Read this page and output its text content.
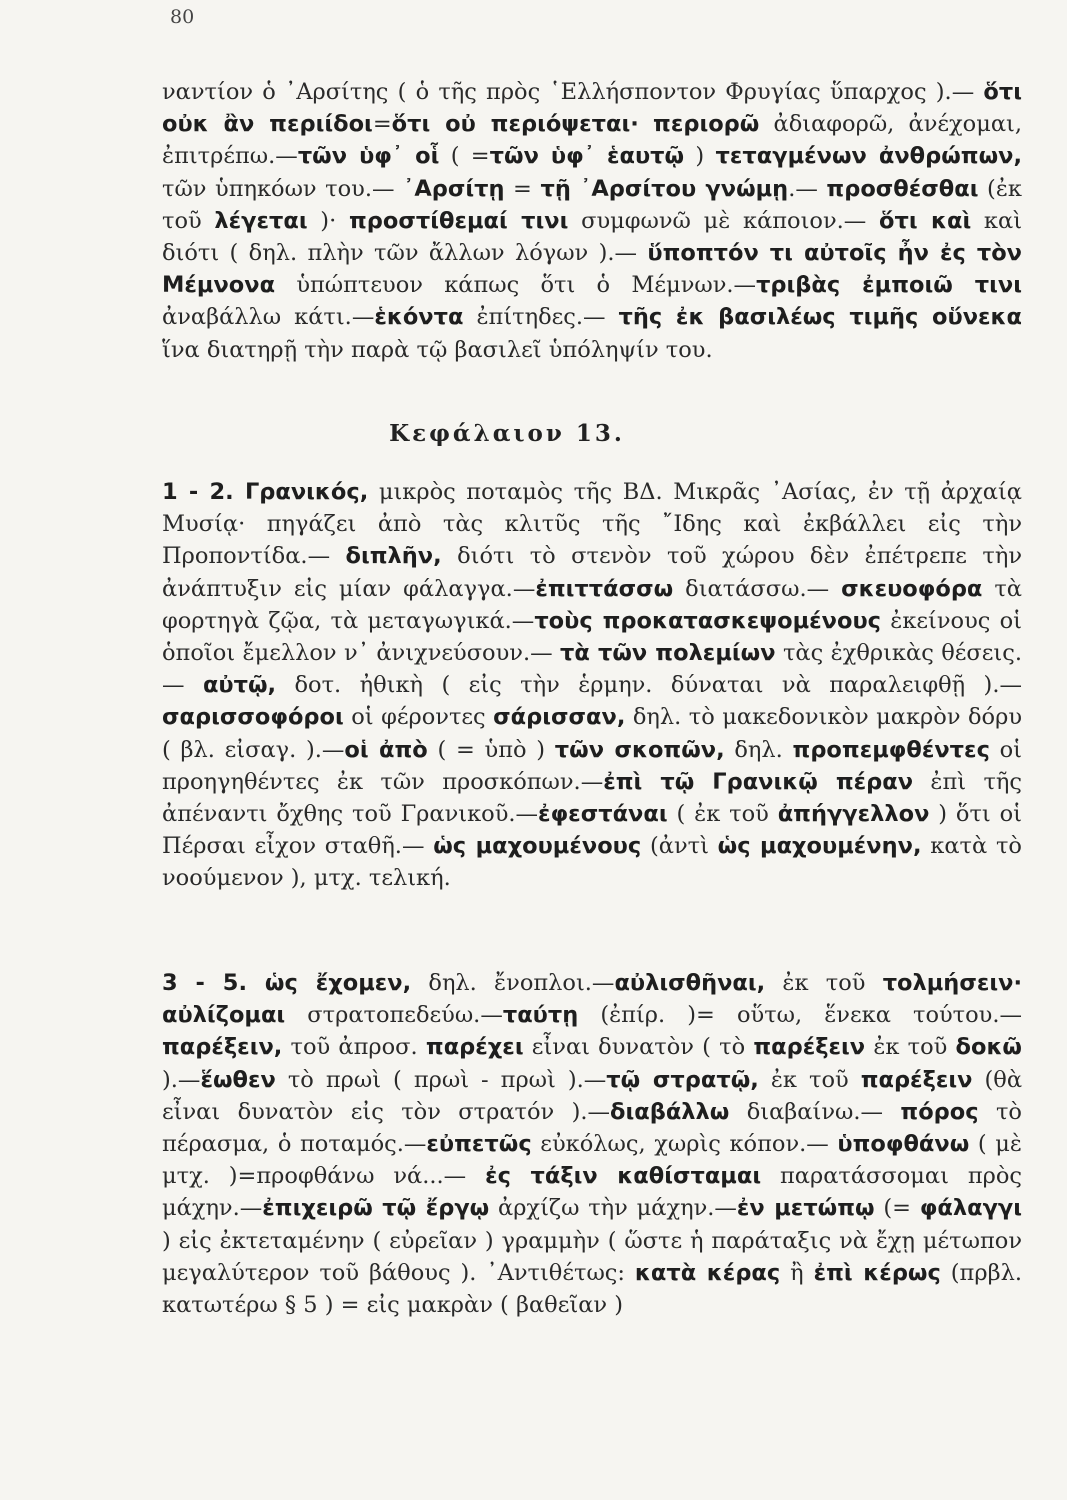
80
ναντίον ὁ ᾿Αρσίτης ( ὁ τῆς πρὸς ῾Ελλήσποντον Φρυγίας ὕπαρχος ).— ὅτι οὐκ ἂν περιίδοι=ὅτι οὐ περιόψεται· περιορῶ ἀδιαφορῶ, ἀνέχομαι, ἐπιτρέπω.—τῶν ὑφ᾿ οἷ ( =τῶν ὑφ᾿ ἑαυτῷ ) τεταγμένων ἀνθρώπων, τῶν ὑπηκόων του.— ᾿Αρσίτῃ = τῇ ᾿Αρσίτου γνώμῃ.— προσθέσθαι (ἐκ τοῦ λέγεται )· προστίθεμαί τινι συμφωνῶ μὲ κάποιον.— ὅτι καὶ καὶ διότι ( δηλ. πλὴν τῶν ἄλλων λόγων ).— ὕποπτόν τι αὐτοῖς ἦν ἐς τὸν Μέμνονα ὑπώπτευον κάπως ὅτι ὁ Μέμνων.—τριβὰς ἐμποιῶ τινι ἀναβάλλω κάτι.—ἑκόντα ἐπίτηδες.— τῆς ἐκ βασιλέως τιμῆς οὕνεκα ἵνα διατηρῇ τὴν παρὰ τῷ βασιλεῖ ὑπόληψίν του.
Κεφάλαιον 13.
1 - 2. Γρανικός, μικρὸς ποταμὸς τῆς ΒΔ. Μικρᾶς ᾿Ασίας, ἐν τῇ ἀρχαίᾳ Μυσίᾳ· πηγάζει ἀπὸ τὰς κλιτῦς τῆς ῎Ιδης καὶ ἐκβάλλει εἰς τὴν Προποντίδα.— διπλῆν, διότι τὸ στενὸν τοῦ χώρου δὲν ἐπέτρεπε τὴν ἀνάπτυξιν εἰς μίαν φάλαγγα.—ἐπιττάσσω διατάσσω.— σκευοφόρα τὰ φορτηγὰ ζῷα, τὰ μεταγωγικά.—τοὺς προκατασκεψομένους ἐκείνους οἱ ὁποῖοι ἔμελλον ν᾿ ἀνιχνεύσουν.— τὰ τῶν πολεμίων τὰς ἐχθρικὰς θέσεις.— αὐτῷ, δοτ. ἠθικὴ ( εἰς τὴν ἑρμην. δύναται νὰ παραλειφθῇ ).—σαρισσοφόροι οἱ φέροντες σάρισσαν, δηλ. τὸ μακεδονικὸν μακρὸν δόρυ ( βλ. εἰσαγ. ).—οἱ ἀπὸ ( = ὑπὸ ) τῶν σκοπῶν, δηλ. προπεμφθέντες οἱ προηγηθέντες ἐκ τῶν προσκόπων.—ἐπὶ τῷ Γρανικῷ πέραν ἐπὶ τῆς ἀπέναντι ὄχθης τοῦ Γρανικοῦ.—ἐφεστάναι ( ἐκ τοῦ ἀπήγγελλον ) ὅτι οἱ Πέρσαι εἶχον σταθῆ.— ὡς μαχουμένους (ἀντὶ ὡς μαχουμένην, κατὰ τὸ νοούμενον ), μτχ. τελική.
3 - 5. ὡς ἔχομεν, δηλ. ἔνοπλοι.—αὐλισθῆναι, ἐκ τοῦ τολμήσειν· αὐλίζομαι στρατοπεδεύω.—ταύτῃ (ἐπίρ. )= οὕτω, ἕνεκα τούτου.—παρέξειν, τοῦ ἀπροσ. παρέχει εἶναι δυνατὸν ( τὸ παρέξειν ἐκ τοῦ δοκῶ ).—ἕωθεν τὸ πρωὶ ( πρωὶ - πρωὶ ).—τῷ στρατῷ, ἐκ τοῦ παρέξειν (θὰ εἶναι δυνατὸν εἰς τὸν στρατόν ).—διαβάλλω διαβαίνω.— πόρος τὸ πέρασμα, ὁ ποταμός.—εὐπετῶς εὐκόλως, χωρὶς κόπον.— ὑποφθάνω ( μὲ μτχ. )=προφθάνω νά...— ἐς τάξιν καθίσταμαι παρατάσσομαι πρὸς μάχην.—ἐπιχειρῶ τῷ ἔργῳ ἀρχίζω τὴν μάχην.—ἐν μετώπῳ (= φάλαγγι ) εἰς ἐκτεταμένην ( εὐρεῖαν ) γραμμὴν ( ὥστε ἡ παράταξις νὰ ἔχῃ μέτωπον μεγαλύτερον τοῦ βάθους ). ᾿Αντιθέτως: κατὰ κέρας ἢ ἐπὶ κέρως (πρβλ. κατωτέρω § 5 ) = εἰς μακρὰν ( βαθεῖαν )
